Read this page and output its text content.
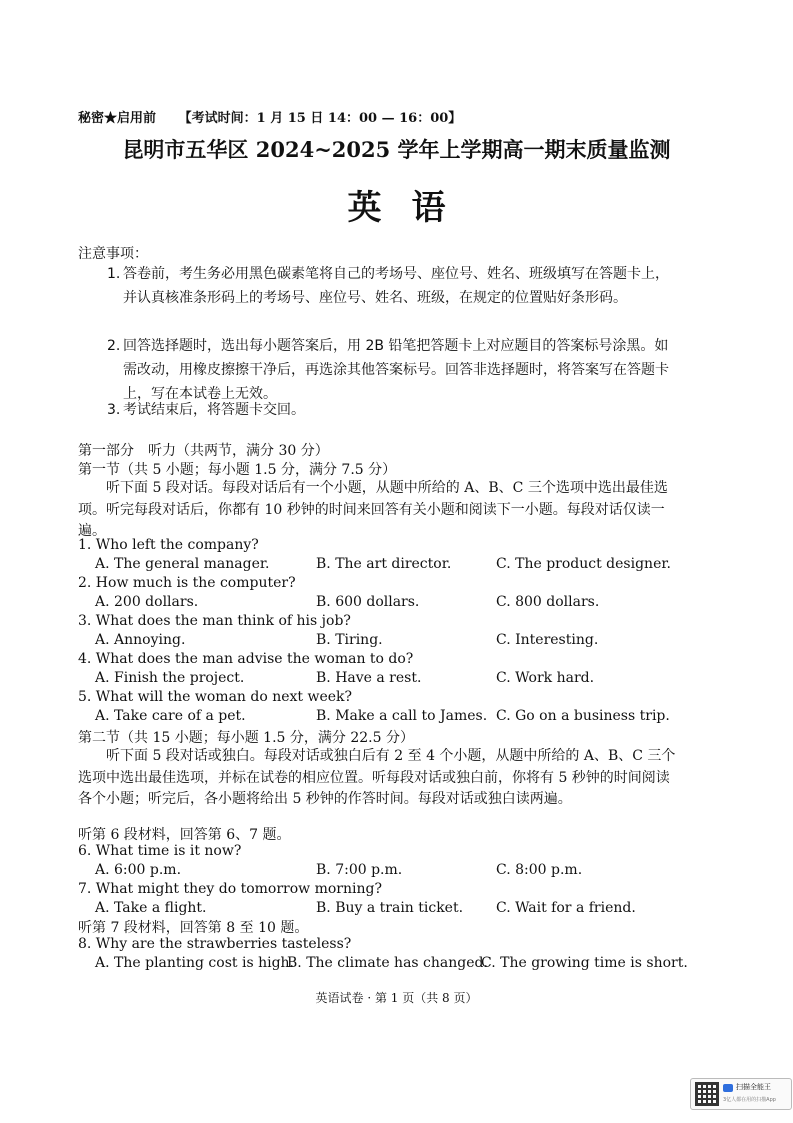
秘密★启用前 【考试时间：1 月 15 日 14：00 — 16：00】
昆明市五华区 2024~2025 学年上学期高一期末质量监测
英语
注意事项：
1. 答卷前，考生务必用黑色碳素笔将自己的考场号、座位号、姓名、班级填写在答题卡上，并认真核准条形码上的考场号、座位号、姓名、班级，在规定的位置贴好条形码。
2. 回答选择题时，选出每小题答案后，用 2B 铅笔把答题卡上对应题目的答案标号涂黑。如需改动，用橡皮擦擦干净后，再选涂其他答案标号。回答非选择题时，将答案写在答题卡上，写在本试卷上无效。
3. 考试结束后，将答题卡交回。
第一部分　听力（共两节，满分 30 分）
第一节（共 5 小题；每小题 1.5 分，满分 7.5 分）
听下面 5 段对话。每段对话后有一个小题，从题中所给的 A、B、C 三个选项中选出最佳选项。听完每段对话后，你都有 10 秒钟的时间来回答有关小题和阅读下一小题。每段对话仅读一遍。
1. Who left the company?
A. The general manager.	B. The art director.	C. The product designer.
2. How much is the computer?
A. 200 dollars.	B. 600 dollars.	C. 800 dollars.
3. What does the man think of his job?
A. Annoying.	B. Tiring.	C. Interesting.
4. What does the man advise the woman to do?
A. Finish the project.	B. Have a rest.	C. Work hard.
5. What will the woman do next week?
A. Take care of a pet.	B. Make a call to James. C. Go on a business trip.
第二节（共 15 小题；每小题 1.5 分，满分 22.5 分）
听下面 5 段对话或独白。每段对话或独白后有 2 至 4 个小题，从题中所给的 A、B、C 三个选项中选出最佳选项，并标在试卷的相应位置。听每段对话或独白前，你将有 5 秒钟的时间阅读各个小题；听完后，各小题将给出 5 秒钟的作答时间。每段对话或独白读两遍。
听第 6 段材料，回答第 6、7 题。
6. What time is it now?
A. 6:00 p.m.	B. 7:00 p.m.	C. 8:00 p.m.
7. What might they do tomorrow morning?
A. Take a flight.	B. Buy a train ticket. C. Wait for a friend.
听第 7 段材料，回答第 8 至 10 题。
8. Why are the strawberries tasteless?
A. The planting cost is high.
B. The climate has changed.
C. The growing time is short.
英语试卷 · 第 1 页（共 8 页）
扫描全能王
3亿人都在用的扫描App
